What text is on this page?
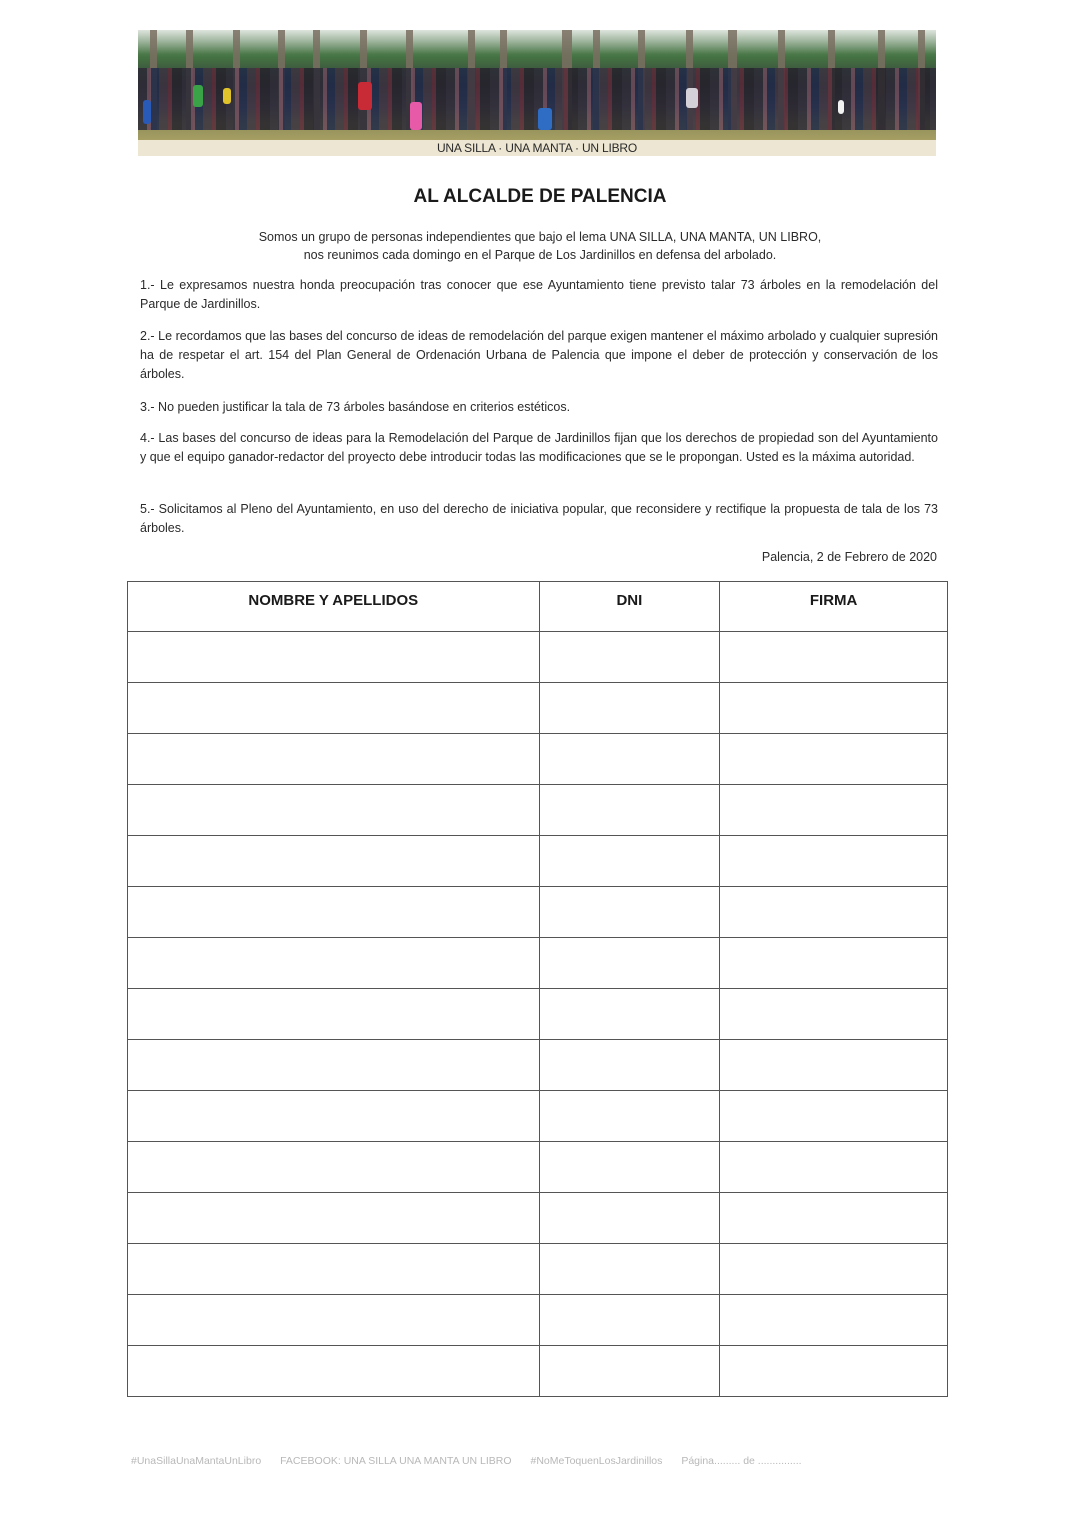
UNA SILLA · UNA MANTA · UN LIBRO
AL ALCALDE DE PALENCIA
Somos un grupo de personas independientes que bajo el lema UNA SILLA, UNA MANTA, UN LIBRO,
nos reunimos cada domingo en el Parque de Los Jardinillos en defensa del arbolado.
1.- Le expresamos nuestra honda preocupación tras conocer que ese Ayuntamiento tiene previsto talar 73 árboles en la remodelación del Parque de Jardinillos.
2.- Le recordamos que las bases del concurso de ideas de remodelación del parque exigen mantener el máximo arbolado y cualquier supresión ha de respetar el art. 154 del Plan General de Ordenación Urbana de Palencia que impone el deber de protección y conservación de los árboles.
3.- No pueden justificar la tala de 73 árboles basándose en criterios estéticos.
4.- Las bases del concurso de ideas para la Remodelación del Parque de Jardinillos fijan que los derechos de propiedad son del Ayuntamiento y que el equipo ganador-redactor del proyecto debe introducir todas las modificaciones que se le propongan. Usted es la máxima autoridad.
5.- Solicitamos al Pleno del Ayuntamiento, en uso del derecho de iniciativa popular, que reconsidere y rectifique la propuesta de tala de los 73 árboles.
Palencia, 2 de Febrero de 2020
NOMBRE Y APELLIDOS	DNI	FIRMA

#UnaSillaUnaMantaUnLibro FACEBOOK: UNA SILLA UNA MANTA UN LIBRO #NoMeToquenLosJardinillos Página......... de ...............
